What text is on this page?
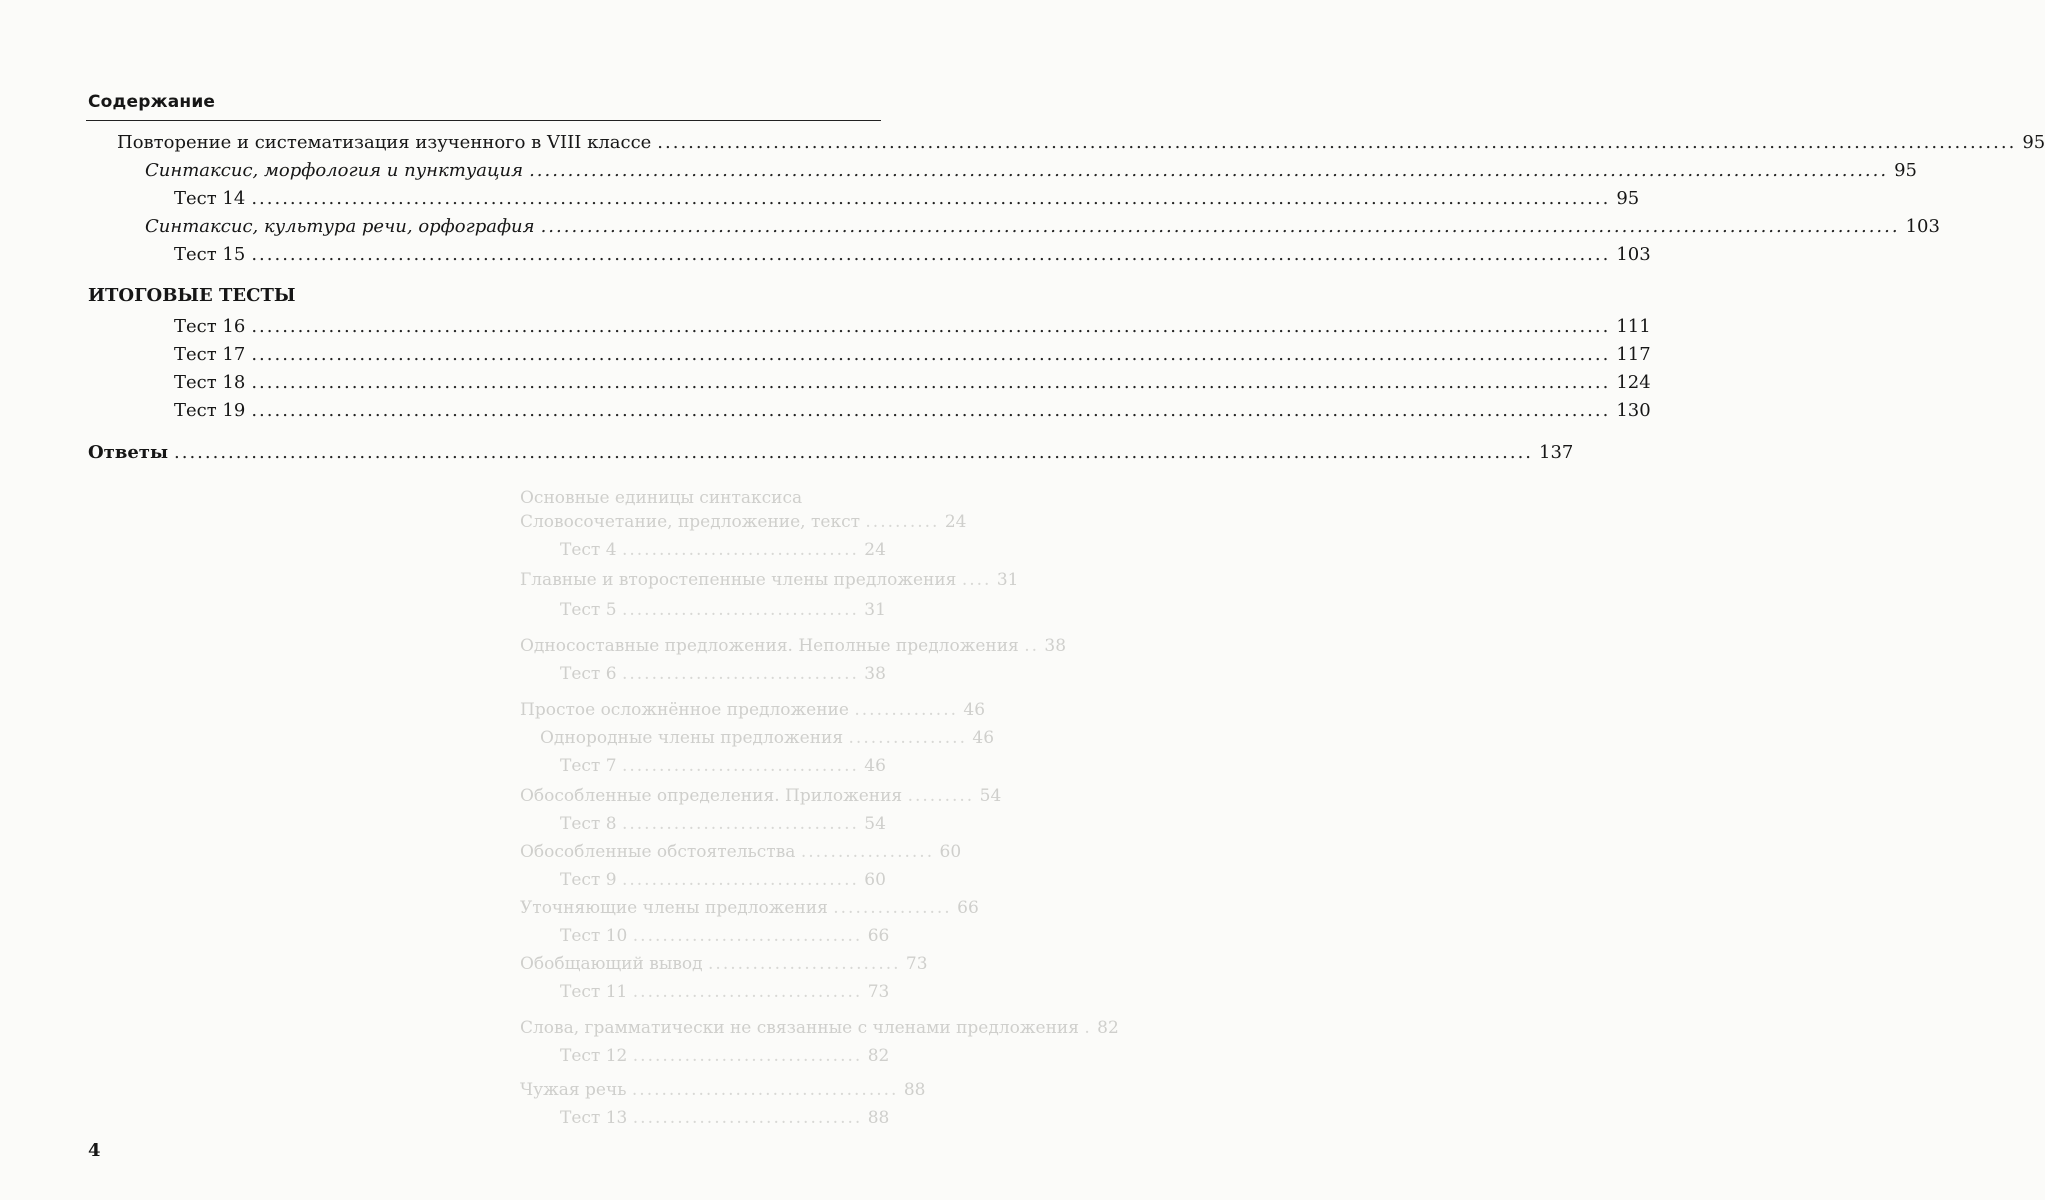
Основные единицы синтаксиса
Словосочетание, предложение, текст .......... 24
Тест 4 ................................ 24
Главные и второстепенные члены предложения .... 31
Тест 5 ................................ 31
Односоставные предложения. Неполные предложения .. 38
Тест 6 ................................ 38
Простое осложнённое предложение .............. 46
Однородные члены предложения ................ 46
Тест 7 ................................ 46
Обособленные определения. Приложения ......... 54
Тест 8 ................................ 54
Обособленные обстоятельства .................. 60
Тест 9 ................................ 60
Уточняющие члены предложения ................ 66
Тест 10 ............................... 66
Обобщающий вывод .......................... 73
Тест 11 ............................... 73
Слова, грамматически не связанные с членами предложения . 82
Тест 12 ............................... 82
Чужая речь .................................... 88
Тест 13 ............................... 88
Содержание
Повторение и систематизация изученного в VIII классе .....	95
Синтаксис, морфология и пунктуация .....	95
Тест 14 .....	95
Синтаксис, культура речи, орфография .....	103
Тест 15 .....	103
ИТОГОВЫЕ ТЕСТЫ
Тест 16 .....	111
Тест 17 .....	117
Тест 18 .....	124
Тест 19 .....	130
Ответы .....	137
4
